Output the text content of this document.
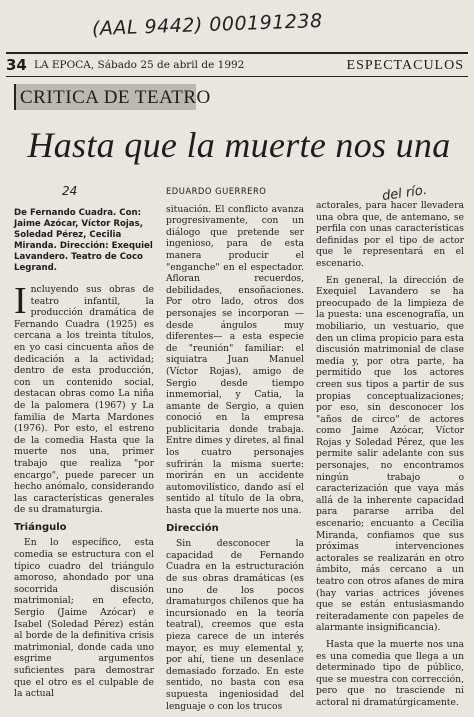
(AAL 9442) 000191238
34 LA EPOCA, Sábado 25 de abril de 1992	ESPECTACULOS
CRITICA DE TEATRO
Hasta que la muerte nos una
24	del río.
De Fernando Cuadra. Con: Jaime Azócar, Víctor Rojas, Soledad Pérez, Cecilia Miranda. Dirección: Exequiel Lavandero. Teatro de Coco Legrand.

Incluyendo sus obras de teatro infantil, la producción dramática de Fernando Cuadra (1925) es cercana a los treinta títulos, en yo casi cincuenta años de dedicación a la actividad; dentro de esta producción, con un contenido social, destacan obras como La niña de la palomera (1967) y La familia de Marta Mardones (1976). Por esto, el estreno de la comedia Hasta que la muerte nos una, primer trabajo que realiza "por encargo", puede parecer un hecho anómalo, considerando las características generales de su dramaturgia.

Triángulo

En lo específico, esta comedia se estructura con el típico cuadro del triángulo amoroso, ahondado por una socorrida discusión matrimonial; en efecto, Sergio (Jaime Azócar) e Isabel (Soledad Pérez) están al borde de la definitiva crisis matrimonial, donde cada uno esgrime argumentos suficientes para demostrar que el otro es el culpable de la actual

EDUARDO GUERRERO

situación. El conflicto avanza progresivamente, con un diálogo que pretende ser ingenioso, para de esta manera producir el "enganche" en el espectador. Afloran recuerdos, debilidades, ensoñaciones. Por otro lado, otros dos personajes se incorporan —desde ángulos muy diferentes— a esta especie de "reunión" familiar: el siquiatra Juan Manuel (Víctor Rojas), amigo de Sergio desde tiempo inmemorial, y Catia, la amante de Sergio, a quien conoció en la empresa publicitaria donde trabaja. Entre dimes y diretes, al final los cuatro personajes sufrirán la misma suerte: morirán en un accidente automovilístico, dando así el sentido al título de la obra, hasta que la muerte nos una.

Dirección

Sin desconocer la capacidad de Fernando Cuadra en la estructuración de sus obras dramáticas (es uno de los pocos dramaturgos chilenos que ha incursionado en la teoría teatral), creemos que esta pieza carece de un interés mayor, es muy elemental y, por ahí, tiene un desenlace demasiado forzado. En este sentido, no basta con esa supuesta ingeniosidad del lenguaje o con los trucos

actorales, para hacer llevadera una obra que, de antemano, se perfila con unas características definidas por el tipo de actor que le representará en el escenario.

En general, la dirección de Exequiel Lavandero se ha preocupado de la limpieza de la puesta: una escenografía, un mobiliario, un vestuario, que den un clima propicio para esta discusión matrimonial de clase media y, por otra parte, ha permitido que los actores creen sus tipos a partir de sus propias conceptualizaciones; por eso, sin desconocer los "años de circo" de actores como Jaime Azócar, Víctor Rojas y Soledad Pérez, que les permite salir adelante con sus personajes, no encontramos ningún trabajo o caracterización que vaya más allá de la inherente capacidad para pararse arriba del escenario; encuanto a Cecilia Miranda, confiamos que sus próximas intervenciones actorales se realizarán en otro ámbito, más cercano a un teatro con otros afanes de mira (hay varias actrices jóvenes que se están entusiasmando reiteradamente con papeles de alarmante insignificancia).

Hasta que la muerte nos una es una comedia que llega a un determinado tipo de público, que se muestra con corrección, pero que no trasciende ni actoral ni dramatúrgicamente.
